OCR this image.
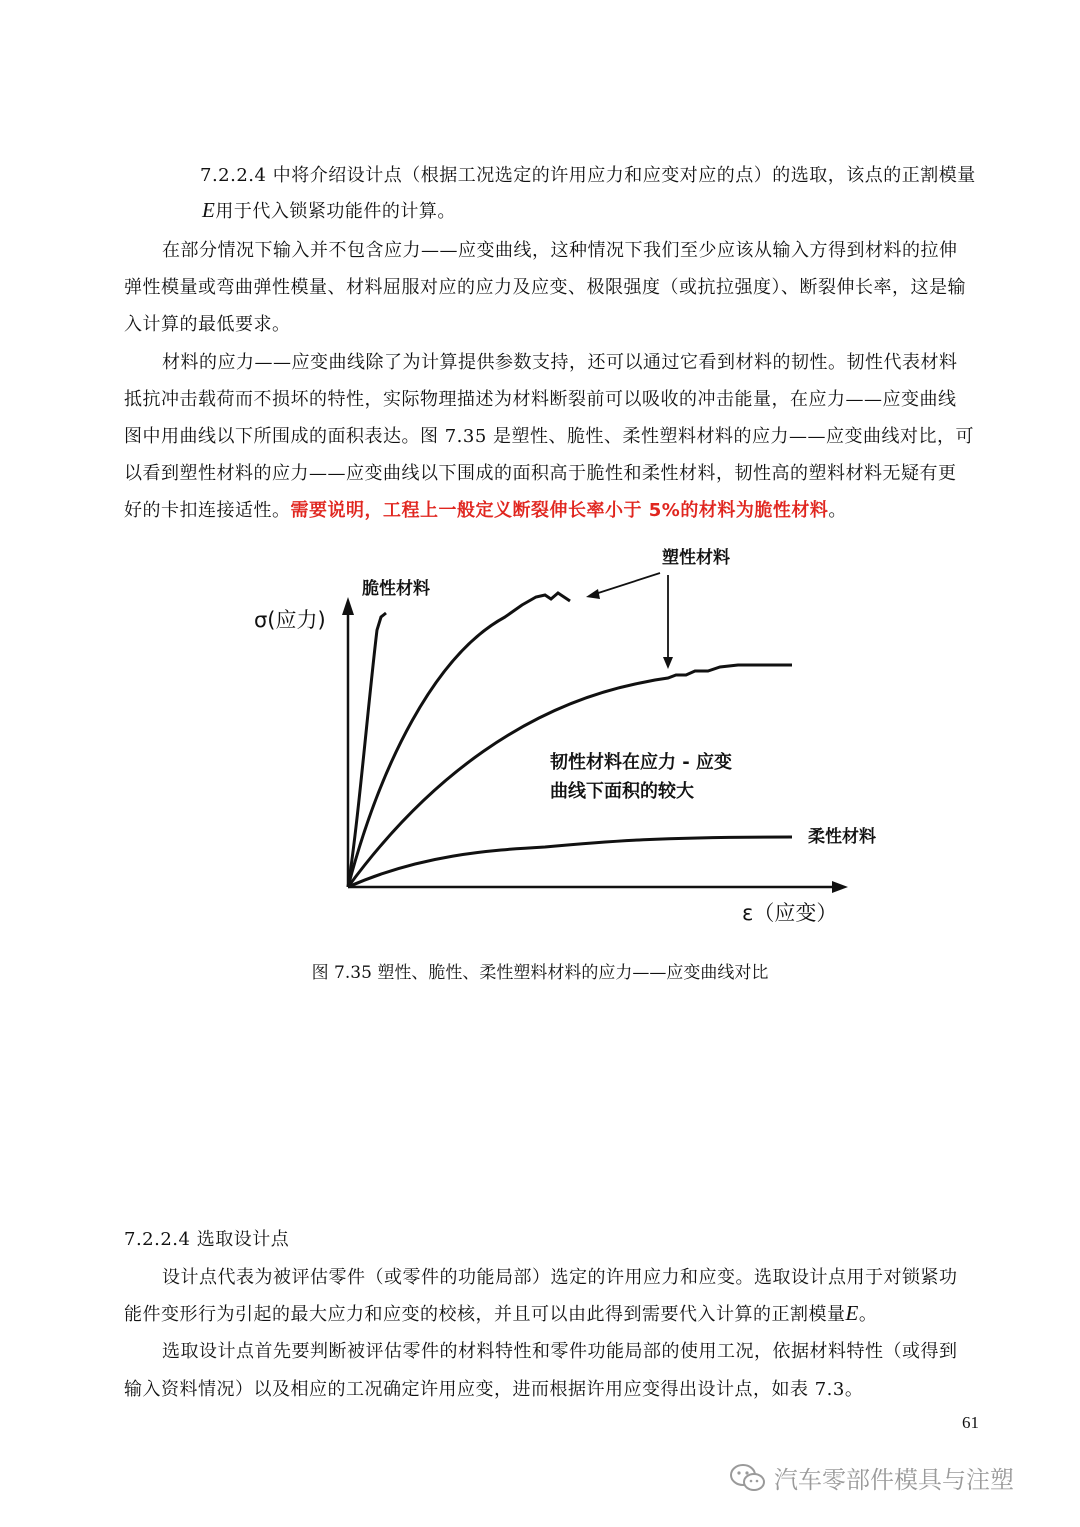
7.2.2.4 中将介绍设计点（根据工况选定的许用应力和应变对应的点）的选取，该点的正割模量
E用于代入锁紧功能件的计算。
在部分情况下输入并不包含应力——应变曲线，这种情况下我们至少应该从输入方得到材料的拉伸
弹性模量或弯曲弹性模量、材料屈服对应的应力及应变、极限强度（或抗拉强度）、断裂伸长率，这是输
入计算的最低要求。
材料的应力——应变曲线除了为计算提供参数支持，还可以通过它看到材料的韧性。韧性代表材料
抵抗冲击载荷而不损坏的特性，实际物理描述为材料断裂前可以吸收的冲击能量，在应力——应变曲线
图中用曲线以下所围成的面积表达。图 7.35 是塑性、脆性、柔性塑料材料的应力——应变曲线对比，可
以看到塑性材料的应力——应变曲线以下围成的面积高于脆性和柔性材料，韧性高的塑料材料无疑有更
好的卡扣连接适性。需要说明，工程上一般定义断裂伸长率小于 5%的材料为脆性材料。
脆性材料
塑性材料
柔性材料
σ(应力)
ε（应变）
韧性材料在应力 - 应变
曲线下面积的较大
图 7.35 塑性、脆性、柔性塑料材料的应力——应变曲线对比
7.2.2.4 选取设计点
设计点代表为被评估零件（或零件的功能局部）选定的许用应力和应变。选取设计点用于对锁紧功
能件变形行为引起的最大应力和应变的校核，并且可以由此得到需要代入计算的正割模量E。
选取设计点首先要判断被评估零件的材料特性和零件功能局部的使用工况，依据材料特性（或得到
输入资料情况）以及相应的工况确定许用应变，进而根据许用应变得出设计点，如表 7.3。
61
汽车零部件模具与注塑
